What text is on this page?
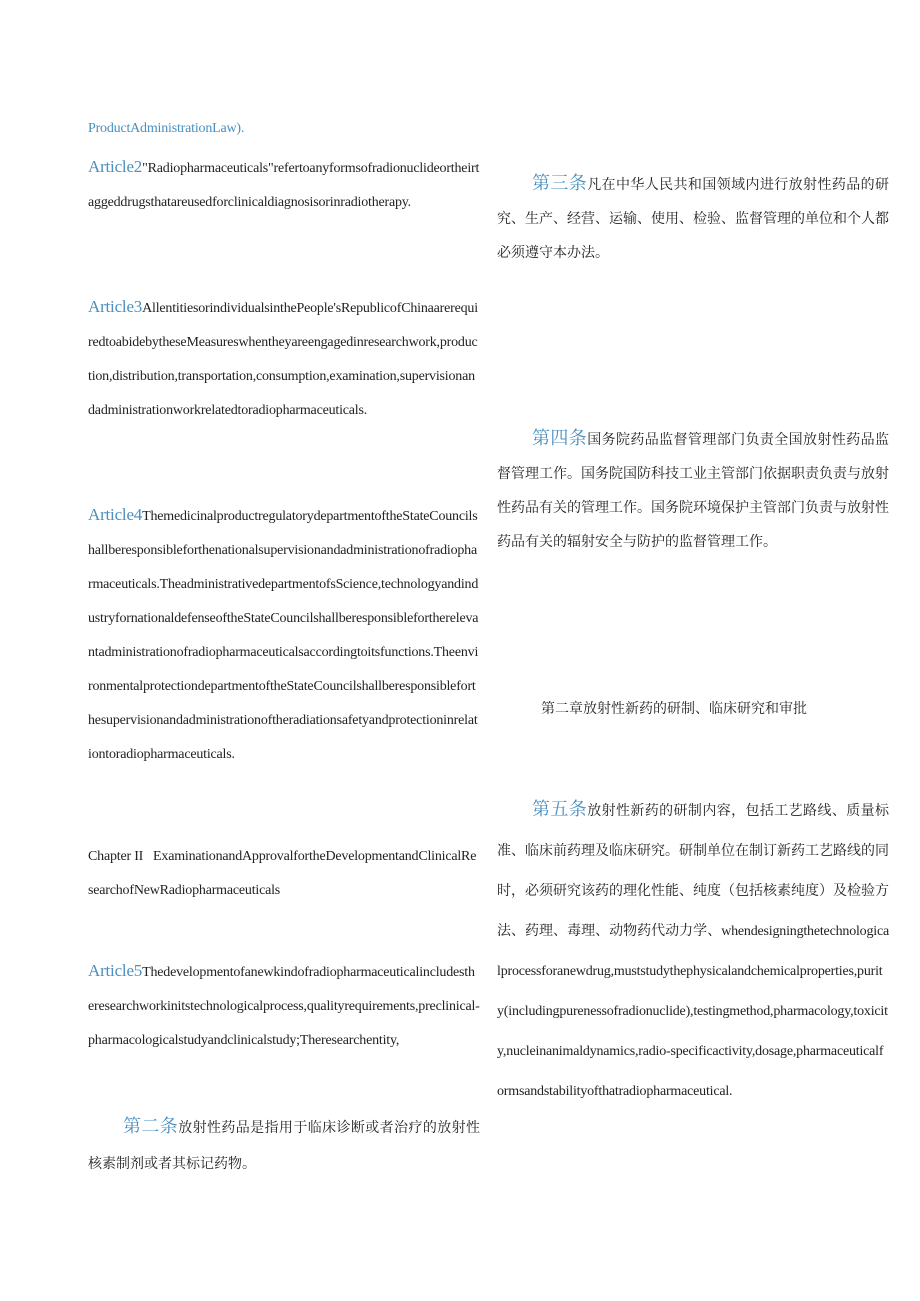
ProductAdministrationLaw).
Article2"Radiopharmaceuticals"refertoanyformsofradionuclideortheirtaggeddrugsthatareusedforclinicaldiagnosisorinradiotherapy.
Article3AllentitiesorindividualsinthePeople'sRepublicofChinaarerequiredtoabidebytheseMeasureswhentheyareengagedinresearchwork,production,distribution,transportation,consumption,examination,supervisionandadministrationworkrelatedtoradiopharmaceuticals.
Article4ThemedicinalproductregulatorydepartmentoftheStateCouncilshallberesponsibleforthenationalsupervisionandadministrationofradiopharmaceuticals.TheadministrativedepartmentofsScience,technologyandindustryfornationaldefenseoftheStateCouncilshallberesponsiblefortherelevantadministrationofradiopharmaceuticalsaccordingtoitsfunctions.TheenvironmentalprotectiondepartmentoftheStateCouncilshallberesponsibleforthesupervisionandadministrationoftheradiationsafetyandprotectioninrelationtoradiopharmaceuticals.
Chapter II   ExaminationandApprovalfortheDevelopmentandClinicalResearchofNewRadiopharmaceuticals
Article5Thedevelopmentofanewkindofradiopharmaceuticalincludestheresearchworkinitstechnologicalprocess,qualityrequirements,preclinical-pharmacologicalstudyandclinicalstudy;Theresearchentity,
第二条放射性药品是指用于临床诊断或者治疗的放射性核素制剂或者其标记药物。
第三条凡在中华人民共和国领域内进行放射性药品的研究、生产、经营、运输、使用、检验、监督管理的单位和个人都必须遵守本办法。
第四条国务院药品监督管理部门负责全国放射性药品监督管理工作。国务院国防科技工业主管部门依据职责负责与放射性药品有关的管理工作。国务院环境保护主管部门负责与放射性药品有关的辐射安全与防护的监督管理工作。
第五条放射性新药的研制内容，包括工艺路线、质量标准、临床前药理及临床研究。研制单位在制订新药工艺路线的同时，必须研究该药的理化性能、纯度（包括核素纯度）及检验方法、药理、毒理、动物药代动力学、whendesigningthetechnologicalprocessforanewdrug,muststudythephysicalandchemicalproperties,purity(includingpurenessofradionuclide),testingmethod,pharmacology,toxicity,nucleinanimaldynamics,radio-specificactivity,dosage,pharmaceuticalformsandstabilityofthatradiopharmaceutical.
第二章放射性新药的研制、临床研究和审批
